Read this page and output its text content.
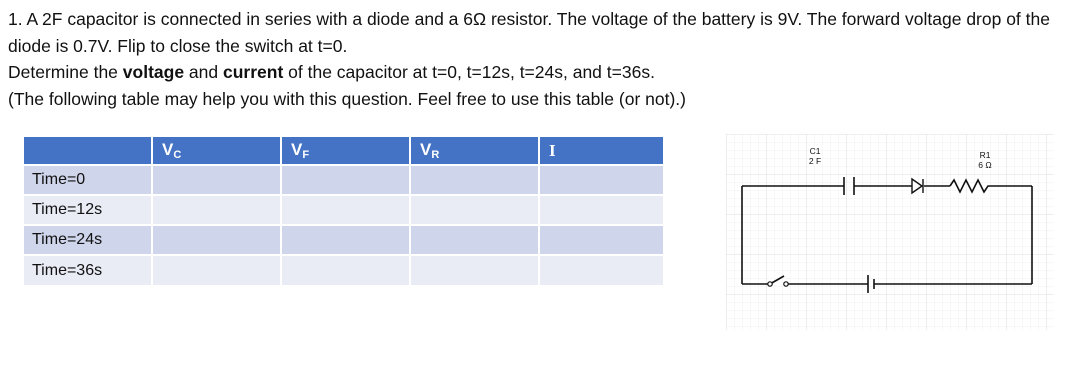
1. A 2F capacitor is connected in series with a diode and a 6Ω resistor. The voltage of the battery is 9V. The forward voltage drop of the diode is 0.7V. Flip to close the switch at t=0.

Determine the voltage and current of the capacitor at t=0, t=12s, t=24s, and t=36s.

(The following table may help you with this question. Feel free to use this table (or not).)

	$V_C$	$V_F$	$V_R$	I
Time=0				
Time=12s				
Time=24s				
Time=36s				
C1
2 F
R1
6 Ω
